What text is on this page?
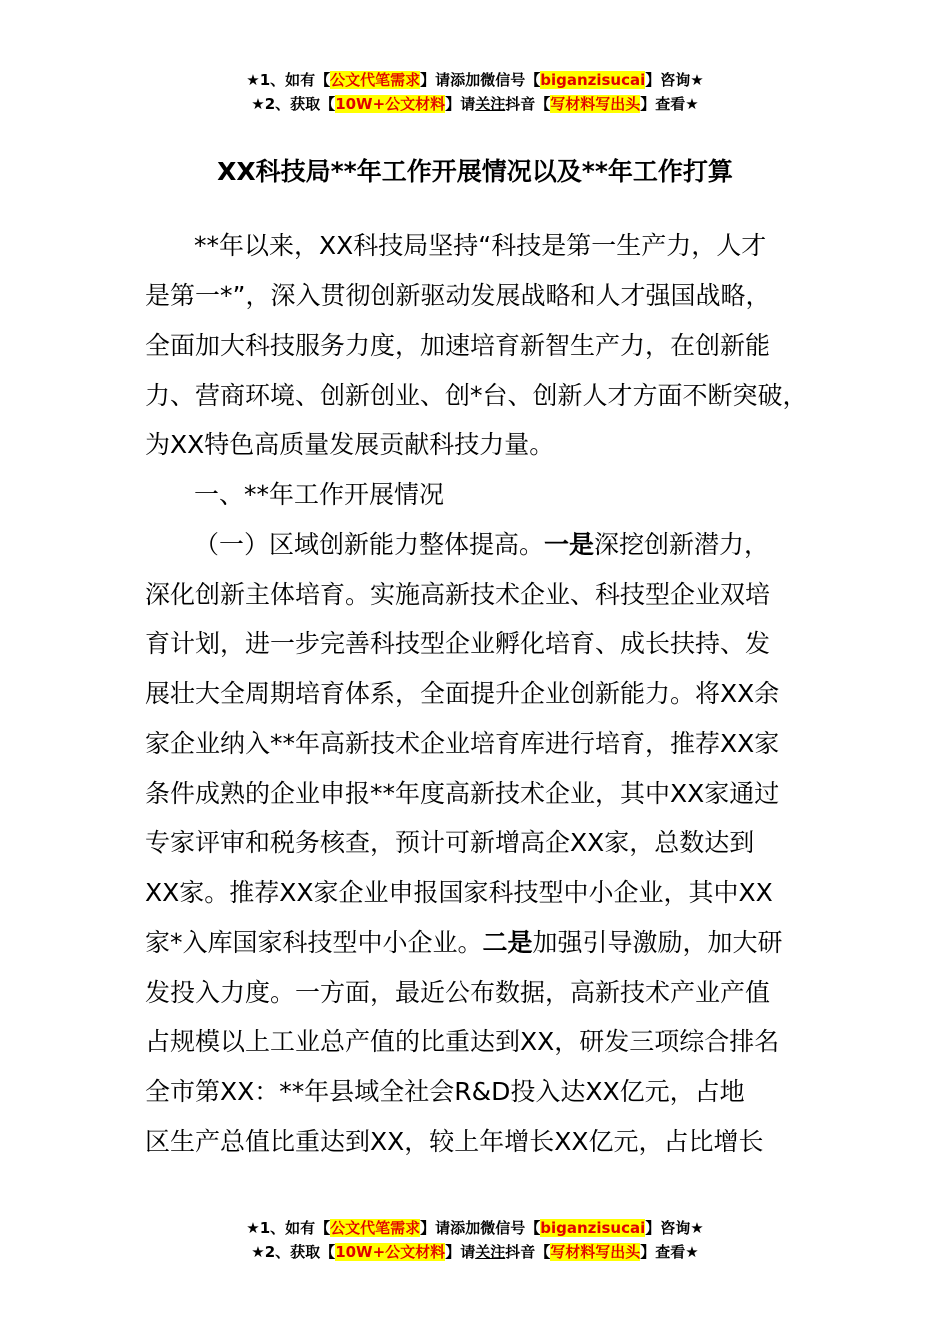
★1、如有【公文代笔需求】请添加微信号【biganzisucai】咨询★
★2、获取【10W+公文材料】请关注抖音【写材料写出头】查看★
XX科技局**年工作开展情况以及**年工作打算
**年以来，XX科技局坚持“科技是第一生产力，人才
是第一*”，深入贯彻创新驱动发展战略和人才强国战略，
全面加大科技服务力度，加速培育新智生产力，在创新能
力、营商环境、创新创业、创*台、创新人才方面不断突破，
为XX特色高质量发展贡献科技力量。
一、**年工作开展情况
（一）区域创新能力整体提高。一是深挖创新潜力，
深化创新主体培育。实施高新技术企业、科技型企业双培
育计划，进一步完善科技型企业孵化培育、成长扶持、发
展壮大全周期培育体系，全面提升企业创新能力。将XX余
家企业纳入**年高新技术企业培育库进行培育，推荐XX家
条件成熟的企业申报**年度高新技术企业，其中XX家通过
专家评审和税务核查，预计可新增高企XX家，总数达到
XX家。推荐XX家企业申报国家科技型中小企业，其中XX
家*入库国家科技型中小企业。二是加强引导激励，加大研
发投入力度。一方面，最近公布数据，高新技术产业产值
占规模以上工业总产值的比重达到XX，研发三项综合排名
全市第XX：**年县域全社会R&D投入达XX亿元，占地
区生产总值比重达到XX，较上年增长XX亿元，占比增长
★1、如有【公文代笔需求】请添加微信号【biganzisucai】咨询★
★2、获取【10W+公文材料】请关注抖音【写材料写出头】查看★
